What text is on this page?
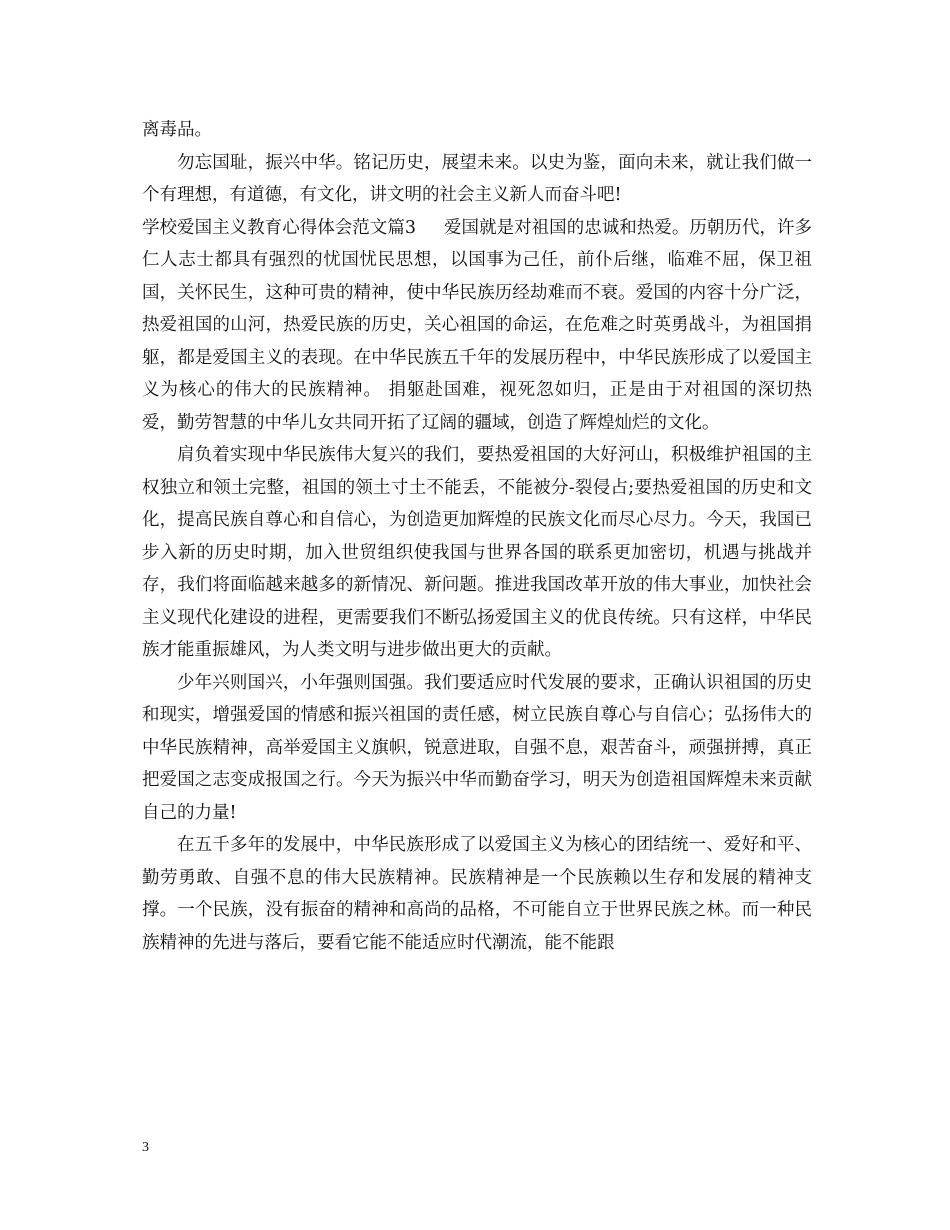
离毒品。

勿忘国耻，振兴中华。铭记历史，展望未来。以史为鉴，面向未来，就让我们做一个有理想，有道德，有文化，讲文明的社会主义新人而奋斗吧!

学校爱国主义教育心得体会范文篇3 爱国就是对祖国的忠诚和热爱。历朝历代，许多仁人志士都具有强烈的忧国忧民思想，以国事为己任，前仆后继，临难不屈，保卫祖国，关怀民生，这种可贵的精神，使中华民族历经劫难而不衰。爱国的内容十分广泛，热爱祖国的山河，热爱民族的历史，关心祖国的命运，在危难之时英勇战斗，为祖国捐躯，都是爱国主义的表现。在中华民族五千年的发展历程中，中华民族形成了以爱国主义为核心的伟大的民族精神。 捐躯赴国难，视死忽如归，正是由于对祖国的深切热爱，勤劳智慧的中华儿女共同开拓了辽阔的疆域，创造了辉煌灿烂的文化。

肩负着实现中华民族伟大复兴的我们，要热爱祖国的大好河山，积极维护祖国的主权独立和领土完整，祖国的领土寸土不能丢，不能被分-裂侵占;要热爱祖国的历史和文化，提高民族自尊心和自信心，为创造更加辉煌的民族文化而尽心尽力。今天，我国已步入新的历史时期，加入世贸组织使我国与世界各国的联系更加密切，机遇与挑战并存，我们将面临越来越多的新情况、新问题。推进我国改革开放的伟大事业，加快社会主义现代化建设的进程，更需要我们不断弘扬爱国主义的优良传统。只有这样，中华民族才能重振雄风，为人类文明与进步做出更大的贡献。

少年兴则国兴，小年强则国强。我们要适应时代发展的要求，正确认识祖国的历史和现实，增强爱国的情感和振兴祖国的责任感，树立民族自尊心与自信心；弘扬伟大的中华民族精神，高举爱国主义旗帜，锐意进取，自强不息，艰苦奋斗，顽强拼搏，真正把爱国之志变成报国之行。今天为振兴中华而勤奋学习，明天为创造祖国辉煌未来贡献自己的力量!

在五千多年的发展中，中华民族形成了以爱国主义为核心的团结统一、爱好和平、勤劳勇敢、自强不息的伟大民族精神。民族精神是一个民族赖以生存和发展的精神支撑。一个民族，没有振奋的精神和高尚的品格，不可能自立于世界民族之林。而一种民族精神的先进与落后，要看它能不能适应时代潮流，能不能跟

3
